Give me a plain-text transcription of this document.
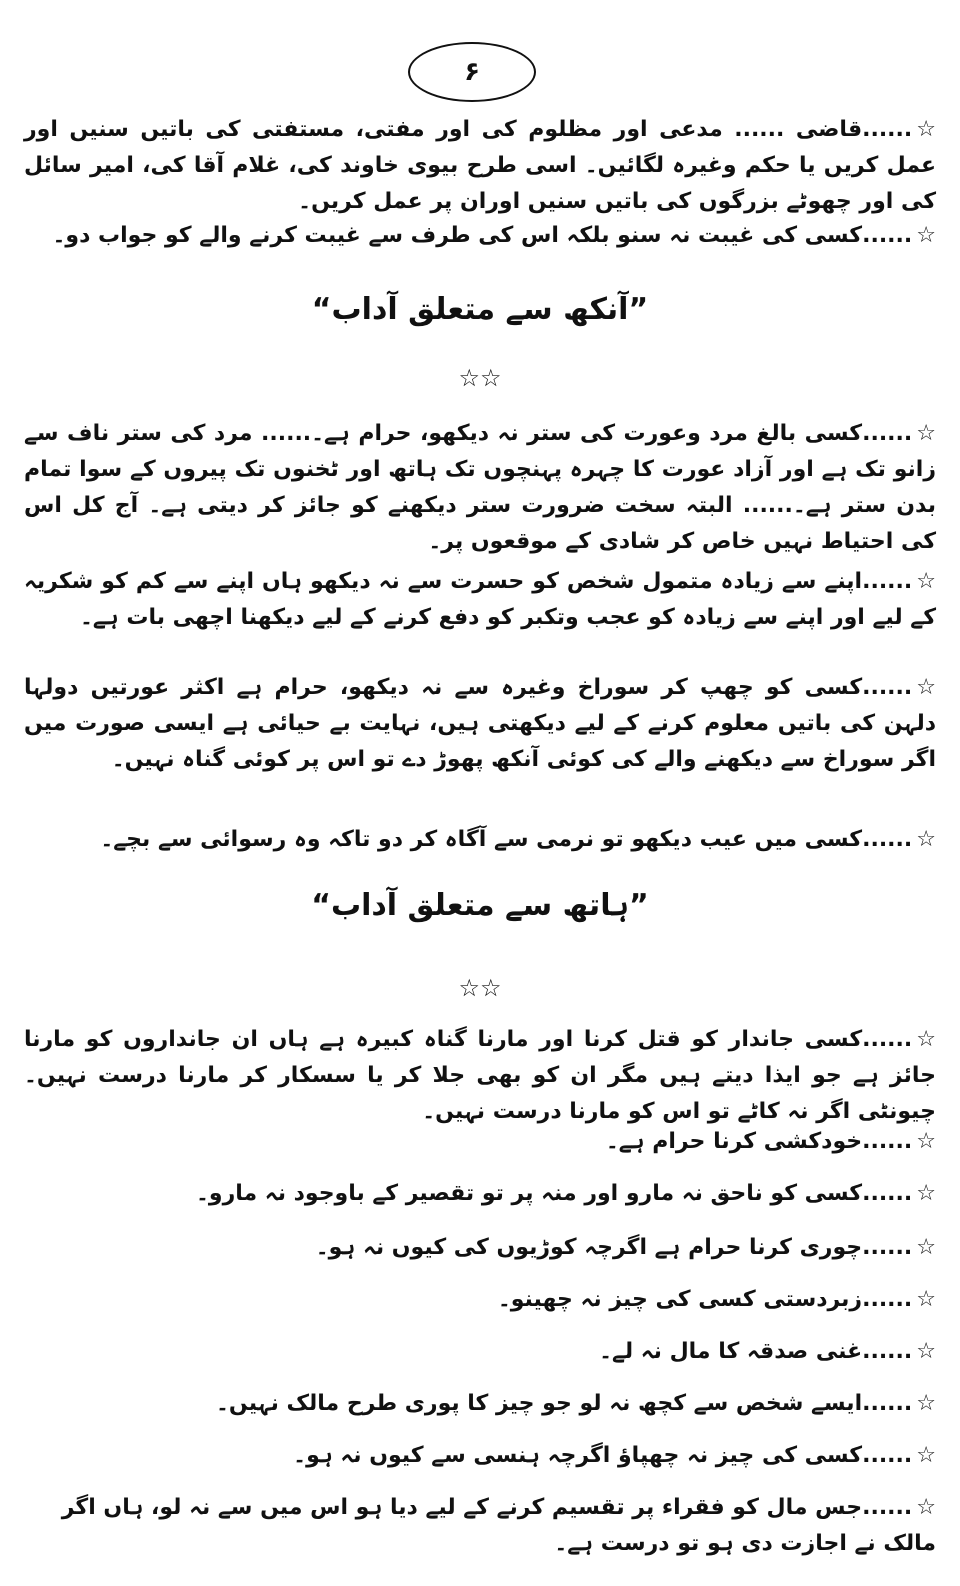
۶
☆......قاضی ...... مدعی اور مظلوم کی اور مفتی، مستفتی کی باتیں سنیں اور عمل کریں یا حکم وغیرہ لگائیں۔ اسی طرح بیوی خاوند کی، غلام آقا کی، امیر سائل کی اور چھوٹے بزرگوں کی باتیں سنیں اوران پر عمل کریں۔
☆......کسی کی غیبت نہ سنو بلکہ اس کی طرف سے غیبت کرنے والے کو جواب دو۔
”آنکھ سے متعلق آداب“
☆☆
☆......کسی بالغ مرد وعورت کی ستر نہ دیکھو، حرام ہے۔...... مرد کی ستر ناف سے زانو تک ہے اور آزاد عورت کا چہرہ پہنچوں تک ہاتھ اور ٹخنوں تک پیروں کے سوا تمام بدن ستر ہے۔...... البتہ سخت ضرورت ستر دیکھنے کو جائز کر دیتی ہے۔ آج کل اس کی احتیاط نہیں خاص کر شادی کے موقعوں پر۔
☆......اپنے سے زیادہ متمول شخص کو حسرت سے نہ دیکھو ہاں اپنے سے کم کو شکریہ کے لیے اور اپنے سے زیادہ کو عجب وتکبر کو دفع کرنے کے لیے دیکھنا اچھی بات ہے۔
☆......کسی کو چھپ کر سوراخ وغیرہ سے نہ دیکھو، حرام ہے اکثر عورتیں دولہا دلہن کی باتیں معلوم کرنے کے لیے دیکھتی ہیں، نہایت بے حیائی ہے ایسی صورت میں اگر سوراخ سے دیکھنے والے کی کوئی آنکھ پھوڑ دے تو اس پر کوئی گناہ نہیں۔
☆......کسی میں عیب دیکھو تو نرمی سے آگاہ کر دو تاکہ وہ رسوائی سے بچے۔
”ہاتھ سے متعلق آداب“
☆☆
☆......کسی جاندار کو قتل کرنا اور مارنا گناہ کبیرہ ہے ہاں ان جانداروں کو مارنا جائز ہے جو ایذا دیتے ہیں مگر ان کو بھی جلا کر یا سسکار کر مارنا درست نہیں۔ چیونٹی اگر نہ کاٹے تو اس کو مارنا درست نہیں۔
☆......خودکشی کرنا حرام ہے۔
☆......کسی کو ناحق نہ مارو اور منہ پر تو تقصیر کے باوجود نہ مارو۔
☆......چوری کرنا حرام ہے اگرچہ کوڑیوں کی کیوں نہ ہو۔
☆......زبردستی کسی کی چیز نہ چھینو۔
☆......غنی صدقہ کا مال نہ لے۔
☆......ایسے شخص سے کچھ نہ لو جو چیز کا پوری طرح مالک نہیں۔
☆......کسی کی چیز نہ چھپاؤ اگرچہ ہنسی سے کیوں نہ ہو۔
☆......جس مال کو فقراء پر تقسیم کرنے کے لیے دیا ہو اس میں سے نہ لو، ہاں اگر مالک نے اجازت دی ہو تو درست ہے۔
